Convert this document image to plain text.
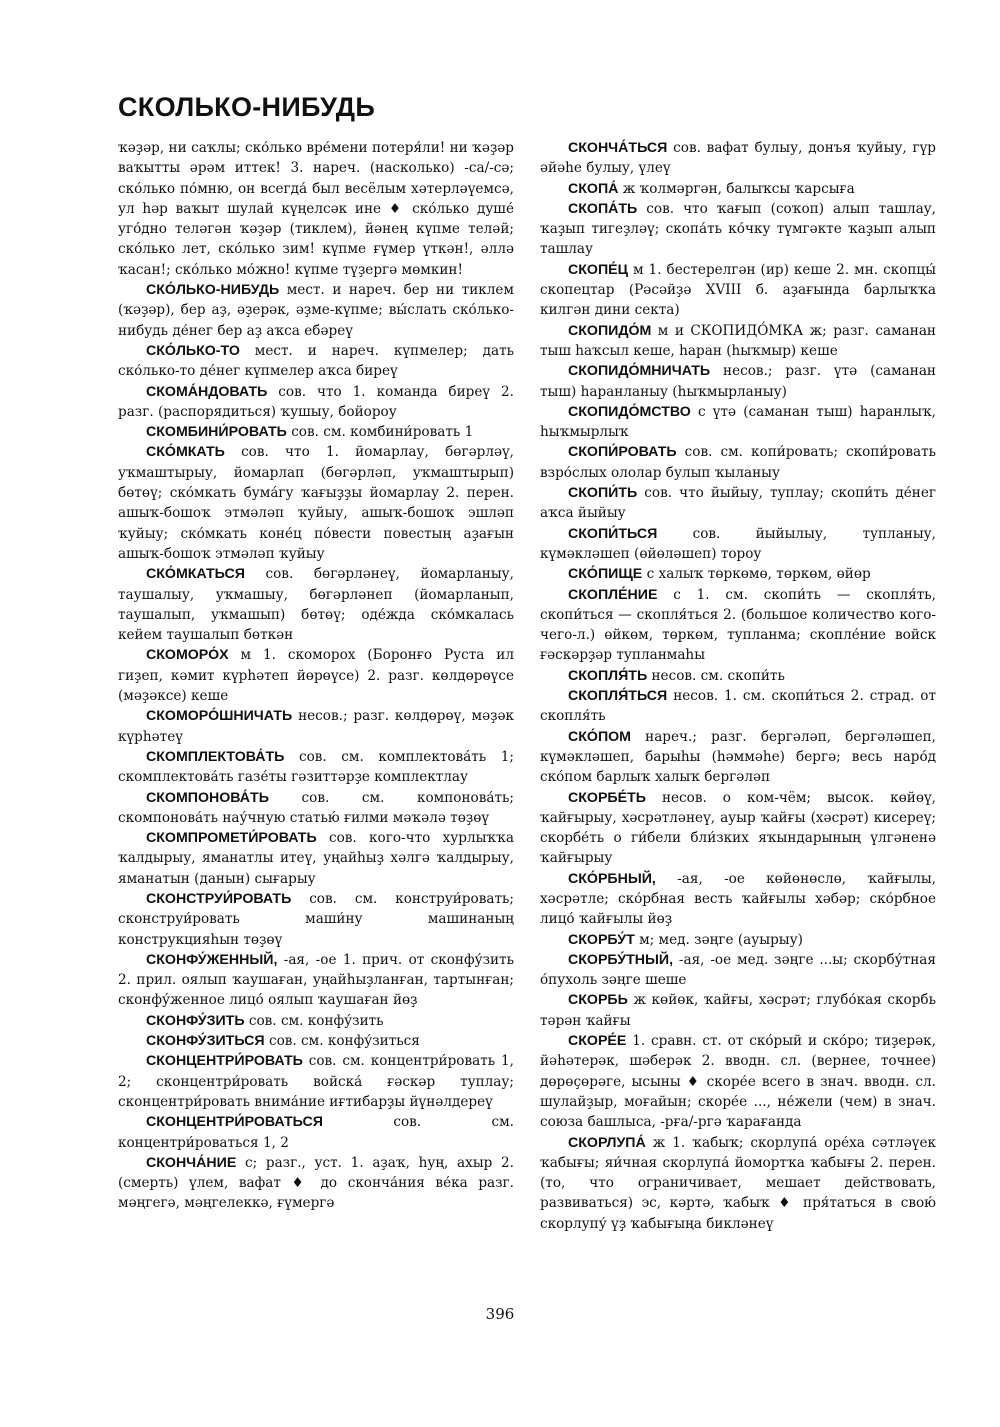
СКОЛЬКО-НИБУДЬ

ҡәҙәр, ни саҡлы; ско́лько вре́мени потеря́ли! ни ҡәҙәр ваҡытты әрәм иттек! 3. нареч. (насколько) -са/-сә; ско́лько по́мню, он всегда́ был весёлым хәтерләүемсә, ул һәр ваҡыт шулай күңелсәк ине ♦ ско́лько душе́ уго́дно теләгән ҡәҙәр (тиклем), йәнең күпме теләй; ско́лько лет, ско́лько зим! күпме ғүмер үткән!, әллә ҡасан!; ско́лько мо́жно! күпме түҙергә мөмкин!

СКО́ЛЬКО-НИБУДЬ мест. и нареч. бер ни тиклем (ҡәҙәр), бер аҙ, әҙерәк, әҙме-күпме; вы́слать ско́лько-нибудь де́нег бер аҙ аҡса ебәреү

СКО́ЛЬКО-ТО мест. и нареч. күпмелер; дать ско́лько-то де́нег күпмелер аҡса биреү

СКОМА́НДОВАТЬ сов. что 1. команда биреү 2. разг. (распорядиться) ҡушыу, бойороу

СКОМБИНИ́РОВАТЬ сов. см. комбини́ровать 1

СКО́МКАТЬ сов. что 1. йомарлау, бөгәрләү, уҡмаштырыу, йомарлап (бөгәрләп, уҡмаштырып) бөтөү; ско́мкать бума́гу ҡағыҙҙы йомарлау 2. перен. ашыҡ-бошоҡ этмәләп ҡуйыу, ашыҡ-бошоҡ эшләп ҡуйыу; ско́мкать коне́ц по́вести повестың аҙағын ашыҡ-бошоҡ этмәләп ҡуйыу

СКО́МКАТЬСЯ сов. бөгәрләнеү, йомарланыу, таушалыу, уҡмашыу, бөгәрләнеп (йомарланып, таушалып, уҡмашып) бөтөү; оде́жда ско́мкалась кейем таушалып бөткән

СКОМОРО́Х м 1. скоморох (Боронғо Руста ил гиҙеп, кәмит күрһәтеп йөрөүсе) 2. разг. көлдөрөүсе (мәҙәксе) кеше

СКОМОРО́ШНИЧАТЬ несов.; разг. көлдөрөү, мәҙәк күрһәтеү

СКОМПЛЕКТОВА́ТЬ сов. см. комплектова́ть 1; скомплектова́ть газе́ты гәзиттәрҙе комплектлау

СКОМПОНОВА́ТЬ сов. см. компонова́ть; скомпонова́ть нау́чную статью́ ғилми мәҡәлә төҙөү

СКОМПРОМЕТИ́РОВАТЬ сов. кого-что хурлыҡҡа ҡалдырыу, яманатлы итеү, уңайһыҙ хәлгә ҡалдырыу, яманатын (данын) сығарыу

СКОНСТРУИ́РОВАТЬ сов. см. конструи́ровать; сконструи́ровать маши́ну машинаның конструкцияһын төҙөү

СКОНФУ́ЖЕННЫЙ, -ая, -ое 1. прич. от сконфу́зить 2. прил. оялып ҡаушаған, уңайһыҙланған, тартынған; сконфу́женное лицо́ оялып ҡаушаған йөҙ

СКОНФУ́ЗИТЬ сов. см. конфу́зить

СКОНФУ́ЗИТЬСЯ сов. см. конфу́зиться

СКОНЦЕНТРИ́РОВАТЬ сов. см. концентри́ровать 1, 2; сконцентри́ровать войска́ ғәскәр туплау; сконцентри́ровать внима́ние иғтибарҙы йүнәлдереү

СКОНЦЕНТРИ́РОВАТЬСЯ	сов. см. концентри́роваться 1, 2

СКОНЧА́НИЕ с; разг., уст. 1. аҙаҡ, һуң, ахыр 2. (смерть) үлем, вафат ♦ до сконча́ния ве́ка разг. мәңгегә, мәңгелеккә, ғүмергә

СКОНЧА́ТЬСЯ сов. вафат булыу, донъя ҡуйыу, гүр әйәһе булыу, үлеү

СКОПА́ ж ҡолмәргән, балыҡсы ҡарсыға

СКОПА́ТЬ сов. что ҡағып (соҡоп) алып ташлау, ҡаҙып тигеҙләү; скопа́ть ко́чку түмгәкте ҡаҙып алып ташлау

СКОПЕ́Ц м 1. бестерелгән (ир) кеше 2. мн. скопцы́ скопецтар (Рәсәйҙә XVIII б. аҙағында барлыҡҡа килгән дини секта)

СКОПИДО́М м и СКОПИДО́МКА ж; разг. саманан тыш һаҡсыл кеше, һаран (һыҡмыр) кеше

СКОПИДО́МНИЧАТЬ несов.; разг. үтә (саманан тыш) һаранланыу (һыҡмырланыу)

СКОПИДО́МСТВО с үтә (саманан тыш) һаранлыҡ, һыҡмырлыҡ

СКОПИ́РОВАТЬ сов. см. копи́ровать; скопи́ровать взро́слых ололар булып ҡыланыу

СКОПИ́ТЬ сов. что йыйыу, туплау; скопи́ть де́нег аҡса йыйыу

СКОПИ́ТЬСЯ	сов. йыйылыу, тупланыу, күмәкләшеп (өйөләшеп) тороу

СКО́ПИЩЕ с халыҡ төркөмө, төркөм, өйөр

СКОПЛЕ́НИЕ с 1. см. скопи́ть — скопля́ть, скопи́ться — скопля́ться 2. (большое количество кого-чего-л.) өйкөм, төркөм, тупланма; скопле́ние войск ғәскәрҙәр тупланмаһы

СКОПЛЯ́ТЬ несов. см. скопи́ть

СКОПЛЯ́ТЬСЯ несов. 1. см. скопи́ться 2. страд. от скопля́ть

СКО́ПОМ нареч.; разг. бергәләп, бергәләшеп, күмәкләшеп, барыһы (һәммәһе) бергә; весь наро́д ско́пом барлыҡ халыҡ бергәләп

СКОРБЕ́ТЬ несов. о ком-чём; высок. көйөү, ҡайғырыу, хәсрәтләнеү, ауыр ҡайғы (хәсрәт) кисереү; скорбе́ть о ги́бели бли́зких яҡындарының үлгәненә ҡайғырыу

СКО́РБНЫЙ, -ая, -ое көйөнөслө, ҡайғылы, хәсрәтле; ско́рбная весть ҡайғылы хәбәр; ско́рбное лицо́ ҡайғылы йөҙ

СКОРБУ́Т м; мед. зәңге (ауырыу)

СКОРБУ́ТНЫЙ, -ая, -ое мед. зәңге ...ы; скорбу́тная о́пухоль зәңге шеше

СКОРБЬ ж көйөк, ҡайғы, хәсрәт; глубо́кая скорбь тәрән ҡайғы

СКОРЕ́Е 1. сравн. ст. от ско́рый и ско́ро; тиҙерәк, йәһәтерәк, шәберәк 2. вводн. сл. (вернее, точнее) дөрөҫөрәге, ысыны ♦ скоре́е всего в знач. вводн. сл. шулайҙыр, моғайын; скоре́е ..., не́жели (чем) в знач. союза башлыса, -рға/-ргә ҡарағанда

СКОРЛУПА́ ж 1. ҡабыҡ; скорлупа́ оре́ха сәтләүек ҡабығы; яи́чная скорлупа́ йомортҡа ҡабығы 2. перен. (то, что ограничивает, мешает действовать, развиваться) эс, кәртә, ҡабыҡ ♦ пря́таться в свою́ скорлупу́ үҙ ҡабығыңа бикләнеү

396
